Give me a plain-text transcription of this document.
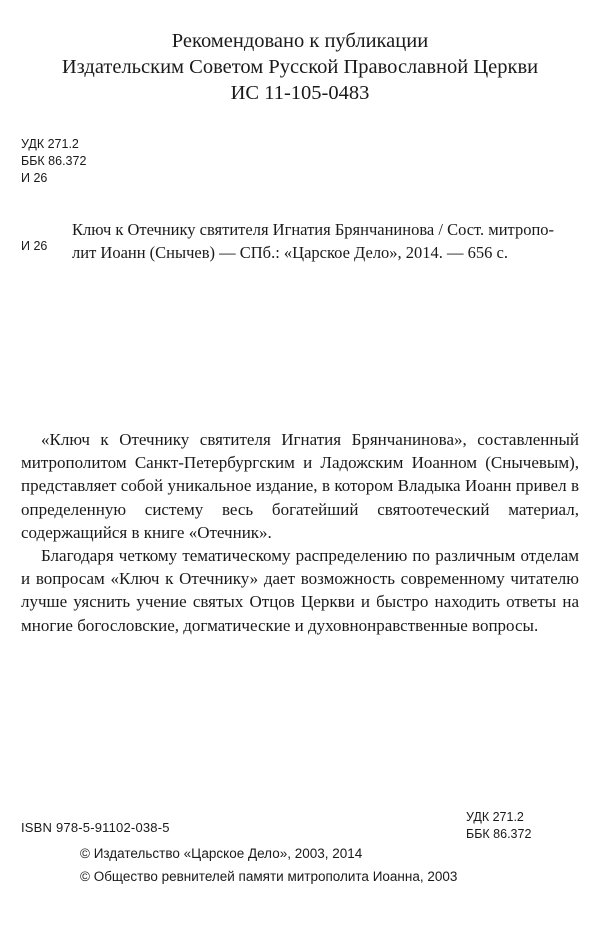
Рекомендовано к публикации
Издательским Советом Русской Православной Церкви
ИС 11-105-0483
УДК 271.2
ББК 86.372
И 26
И 26
Ключ к Отечнику святителя Игнатия Брянчанинова / Сост. митропо-
лит Иоанн (Снычев) — СПб.: «Царское Дело», 2014. — 656 с.

«Ключ к Отечнику святителя Игнатия Брянчанинова», составленный митрополитом Санкт-Петербургским и Ладожским Иоанном (Снычевым), представляет собой уникальное издание, в котором Владыка Иоанн привел в определенную систему весь богатейший святоотеческий материал, содержащийся в книге «Отечник».

Благодаря четкому тематическому распределению по различным отделам и вопросам «Ключ к Отечнику» дает возможность современному читателю лучше уяснить учение святых Отцов Церкви и быстро находить ответы на многие богословские, догматические и духовнонравственные вопросы.

ISBN 978-5-91102-038-5
УДК 271.2
ББК 86.372
© Издательство «Царское Дело», 2003, 2014
© Общество ревнителей памяти митрополита Иоанна, 2003
